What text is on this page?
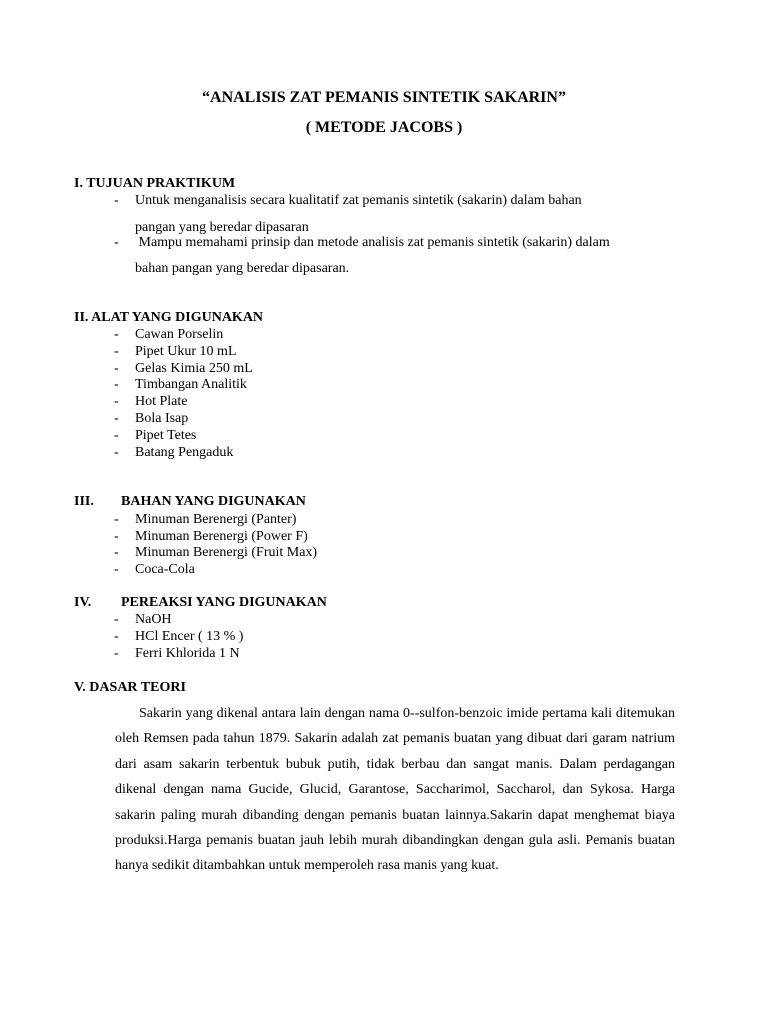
“ANALISIS ZAT PEMANIS SINTETIK SAKARIN”
( METODE JACOBS )
I. TUJUAN PRAKTIKUM
- Untuk menganalisis secara kualitatif zat pemanis sintetik (sakarin) dalam bahan
pangan yang beredar dipasaran
- Mampu memahami prinsip dan metode analisis zat pemanis sintetik (sakarin) dalam
bahan pangan yang beredar dipasaran.
II. ALAT YANG DIGUNAKAN
- Cawan Porselin
- Pipet Ukur 10 mL
- Gelas Kimia 250 mL
- Timbangan Analitik
- Hot Plate
- Bola Isap
- Pipet Tetes
- Batang Pengaduk
III. BAHAN YANG DIGUNAKAN
- Minuman Berenergi (Panter)
- Minuman Berenergi (Power F)
- Minuman Berenergi (Fruit Max)
- Coca-Cola
IV. PEREAKSI YANG DIGUNAKAN
- NaOH
- HCl Encer ( 13 % )
- Ferri Khlorida 1 N
V. DASAR TEORI
Sakarin yang dikenal antara lain dengan nama 0--sulfon-benzoic imide pertama kali ditemukan oleh Remsen pada tahun 1879. Sakarin adalah zat pemanis buatan yang dibuat dari garam natrium dari asam sakarin terbentuk bubuk putih, tidak berbau dan sangat manis. Dalam perdagangan dikenal dengan nama Gucide, Glucid, Garantose, Saccharimol, Saccharol, dan Sykosa. Harga sakarin paling murah dibanding dengan pemanis buatan lainnya.Sakarin dapat menghemat biaya produksi.Harga pemanis buatan jauh lebih murah dibandingkan dengan gula asli. Pemanis buatan hanya sedikit ditambahkan untuk memperoleh rasa manis yang kuat.
